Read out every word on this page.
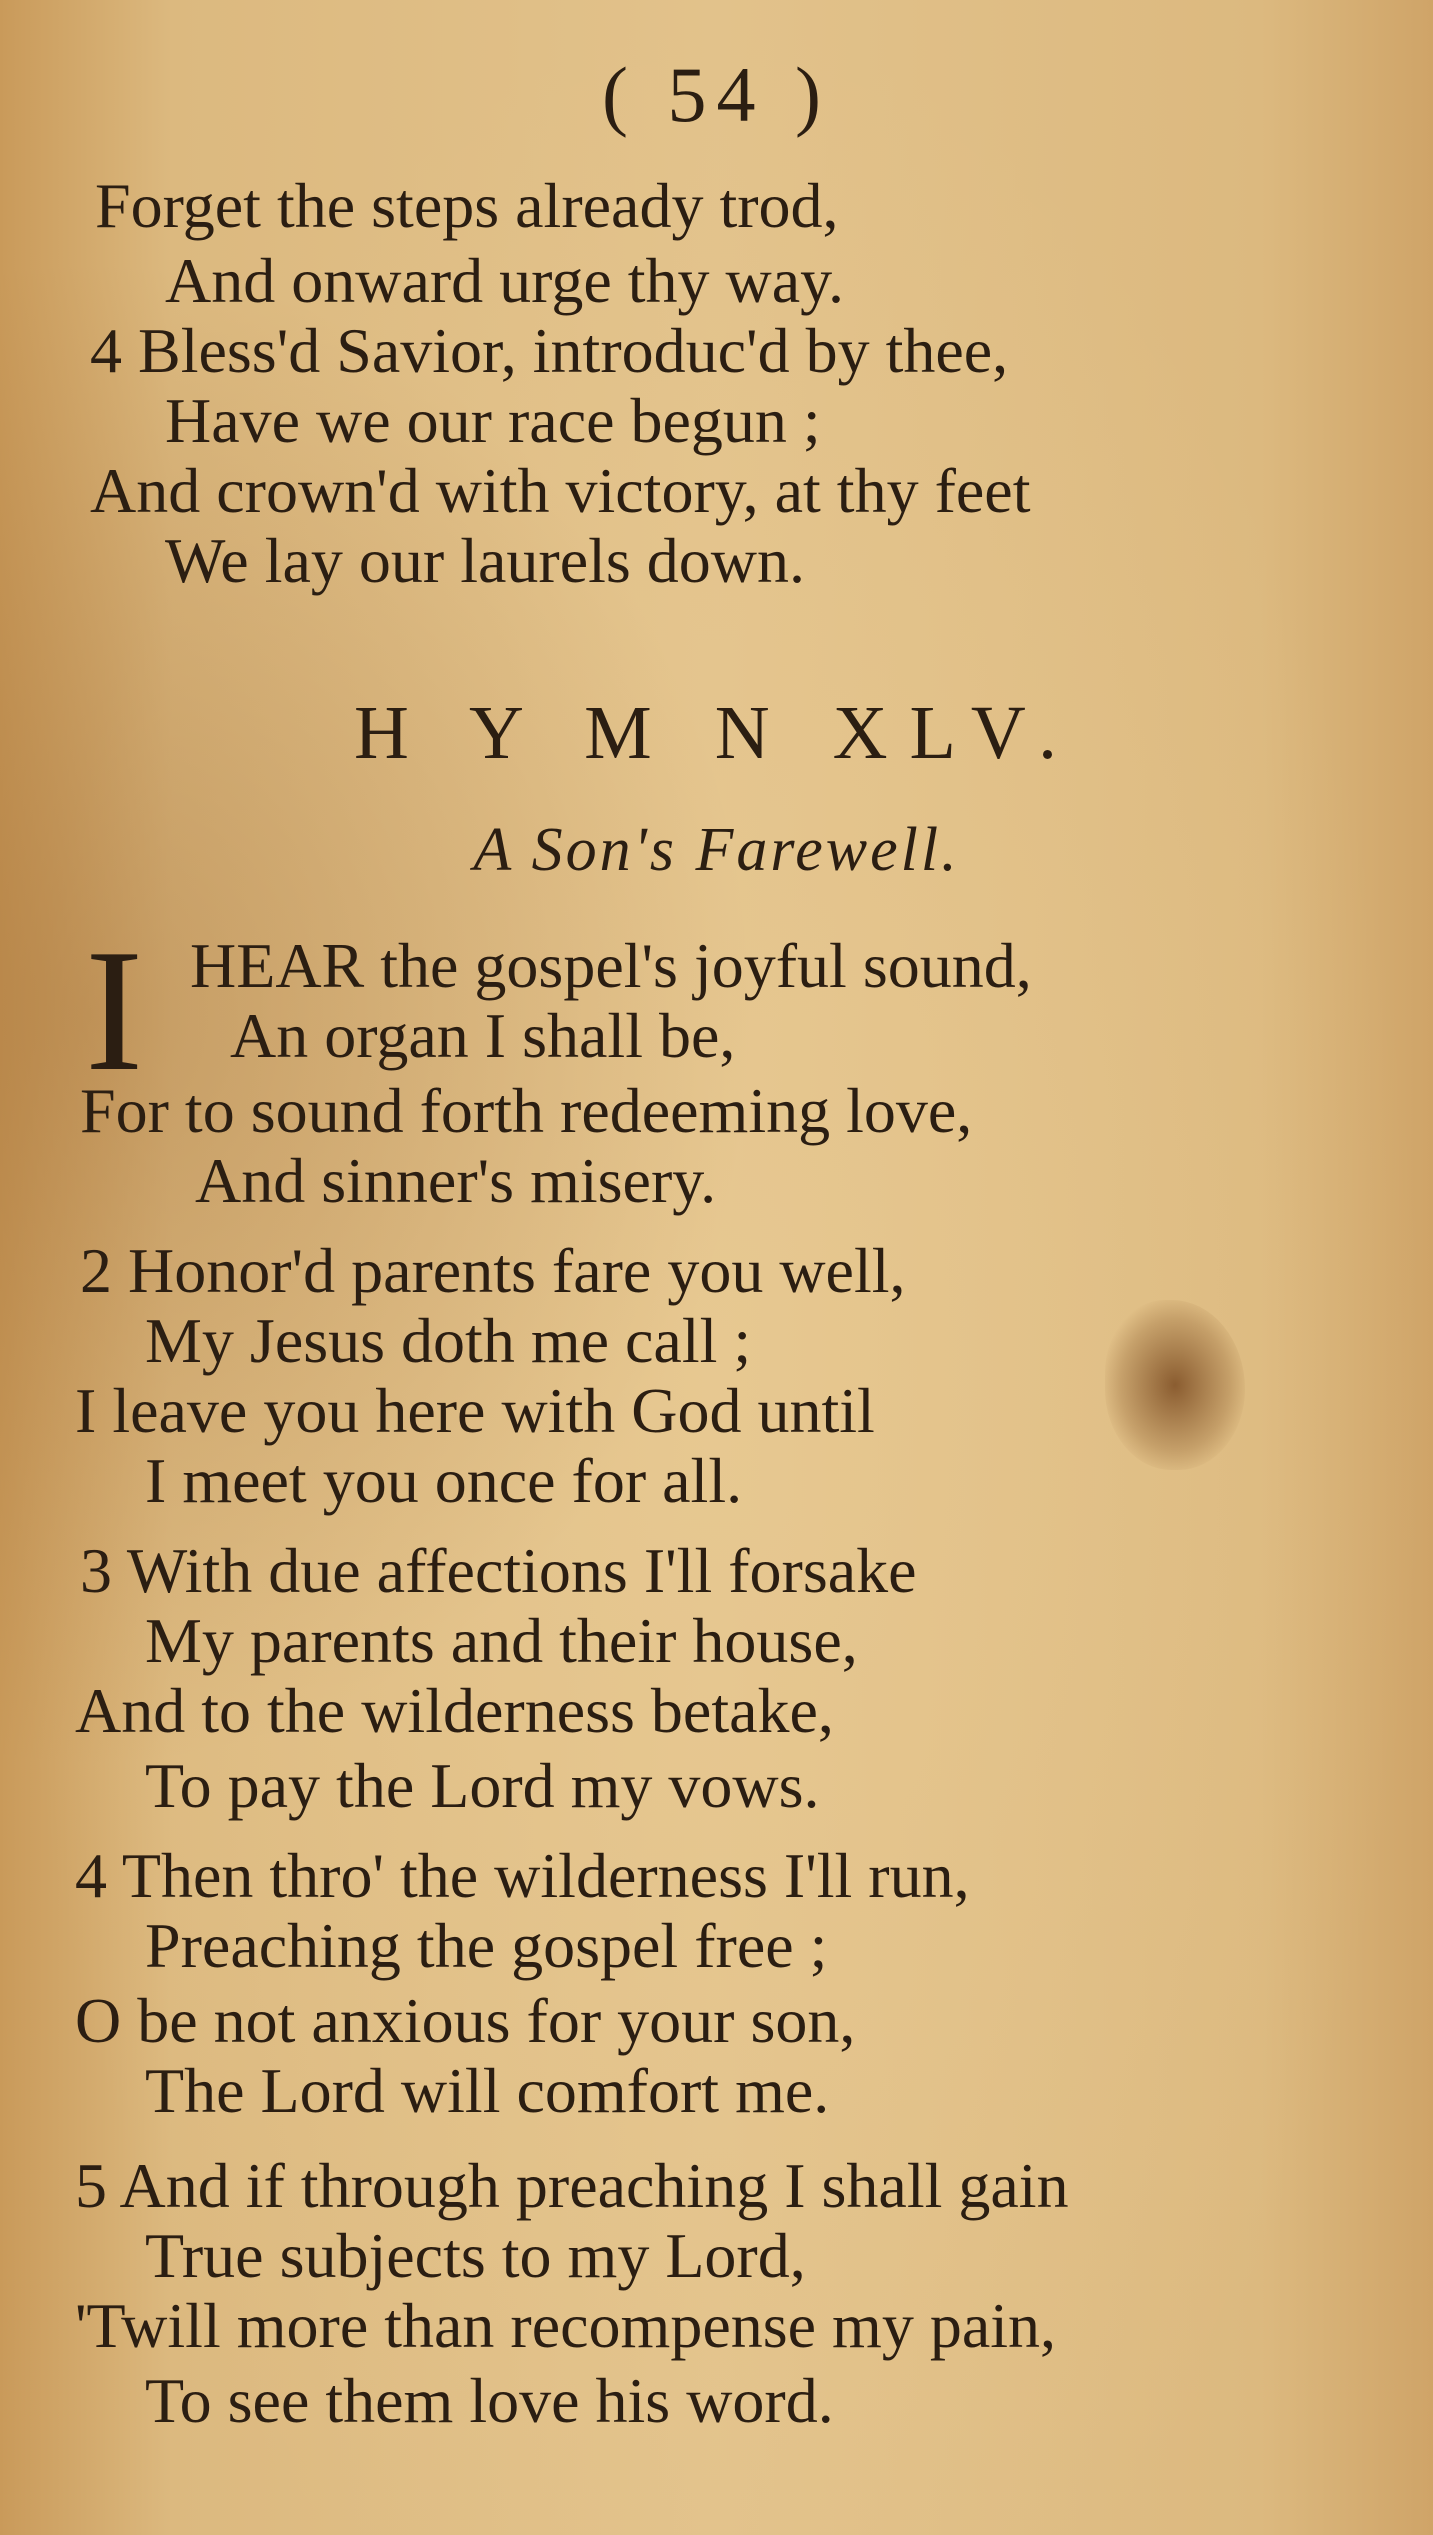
( 54 )
Forget the steps already trod,
And onward urge thy way.
4 Bless'd Savior, introduc'd by thee,
Have we our race begun ;
And crown'd with victory, at thy feet
We lay our laurels down.
H Y M N XLV.
A Son's Farewell.
I HEAR the gospel's joyful sound,
An organ I shall be,
For to sound forth redeeming love,
And sinner's misery.
2 Honor'd parents fare you well,
My Jesus doth me call ;
I leave you here with God until
I meet you once for all.
3 With due affections I'll forsake
My parents and their house,
And to the wilderness betake,
To pay the Lord my vows.
4 Then thro' the wilderness I'll run,
Preaching the gospel free ;
O be not anxious for your son,
The Lord will comfort me.
5 And if through preaching I shall gain
True subjects to my Lord,
'Twill more than recompense my pain,
To see them love his word.
